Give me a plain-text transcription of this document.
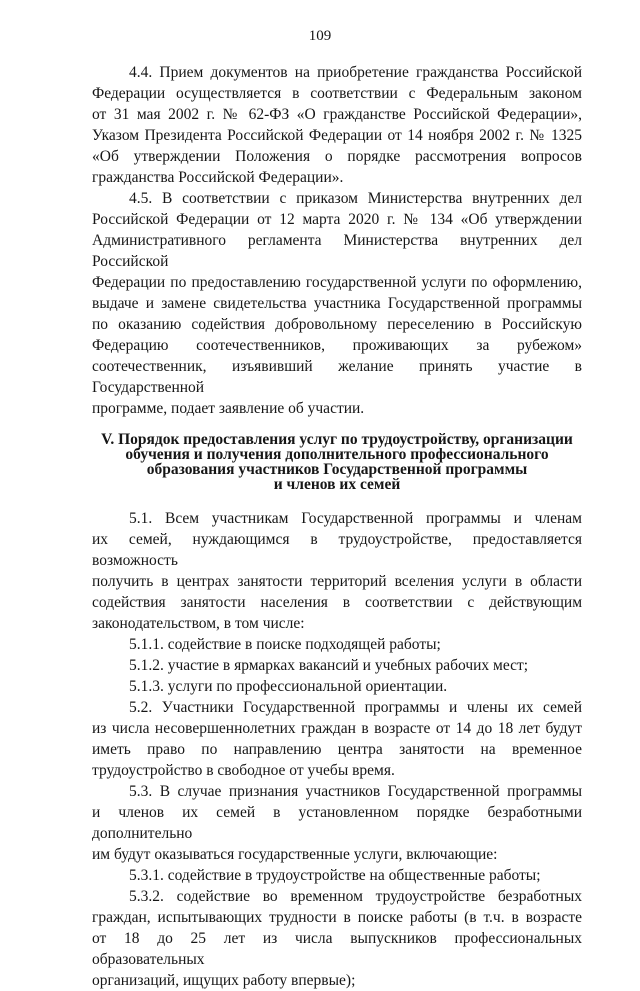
109

4.4. Прием документов на приобретение гражданства Российской
Федерации осуществляется в соответствии с Федеральным законом
от 31 мая 2002 г. № 62-ФЗ «О гражданстве Российской Федерации»,
Указом Президента Российской Федерации от 14 ноября 2002 г. № 1325
«Об утверждении Положения о порядке рассмотрения вопросов
гражданства Российской Федерации».

4.5. В соответствии с приказом Министерства внутренних дел
Российской Федерации от 12 марта 2020 г. № 134 «Об утверждении
Административного регламента Министерства внутренних дел Российской
Федерации по предоставлению государственной услуги по оформлению,
выдаче и замене свидетельства участника Государственной программы
по оказанию содействия добровольному переселению в Российскую
Федерацию соотечественников, проживающих за рубежом»
соотечественник, изъявивший желание принять участие в Государственной
программе, подает заявление об участии.

V. Порядок предоставления услуг по трудоустройству, организации
обучения и получения дополнительного профессионального
образования участников Государственной программы
и членов их семей

5.1. Всем участникам Государственной программы и членам
их семей, нуждающимся в трудоустройстве, предоставляется возможность
получить в центрах занятости территорий вселения услуги в области
содействия занятости населения в соответствии с действующим
законодательством, в том числе:

5.1.1. содействие в поиске подходящей работы;

5.1.2. участие в ярмарках вакансий и учебных рабочих мест;

5.1.3. услуги по профессиональной ориентации.

5.2. Участники Государственной программы и члены их семей
из числа несовершеннолетних граждан в возрасте от 14 до 18 лет будут
иметь право по направлению центра занятости на временное
трудоустройство в свободное от учебы время.

5.3. В случае признания участников Государственной программы
и членов их семей в установленном порядке безработными дополнительно
им будут оказываться государственные услуги, включающие:

5.3.1. содействие в трудоустройстве на общественные работы;

5.3.2. содействие во временном трудоустройстве безработных
граждан, испытывающих трудности в поиске работы (в т.ч. в возрасте
от 18 до 25 лет из числа выпускников профессиональных образовательных
организаций, ищущих работу впервые);
